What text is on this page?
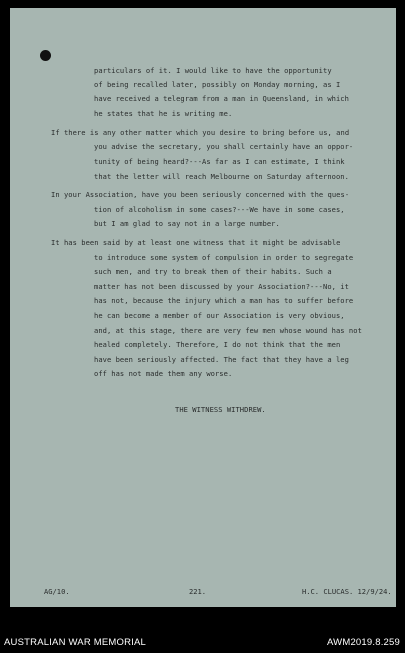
particulars of it. I would like to have the opportunity
of being recalled later, possibly on Monday morning, as I
have received a telegram from a man in Queensland, in which
he states that he is writing me.
If there is any other matter which you desire to bring before us, and
you advise the secretary, you shall certainly have an oppor-
tunity of being heard?---As far as I can estimate, I think
that the letter will reach Melbourne on Saturday afternoon.
In your Association, have you been seriously concerned with the ques-
tion of alcoholism in some cases?---We have in some cases,
but I am glad to say not in a large number.
It has been said by at least one witness that it might be advisable
to introduce some system of compulsion in order to segregate
such men, and try to break them of their habits. Such a
matter has not been discussed by your Association?---No, it
has not, because the injury which a man has to suffer before
he can become a member of our Association is very obvious,
and, at this stage, there are very few men whose wound has not
healed completely. Therefore, I do not think that the men
have been seriously affected. The fact that they have a leg
off has not made them any worse.
THE WITNESS WITHDREW.
AG/10.	221.	H.C. CLUCAS. 12/9/24.
AUSTRALIAN WAR MEMORIAL	AWM2019.8.259
